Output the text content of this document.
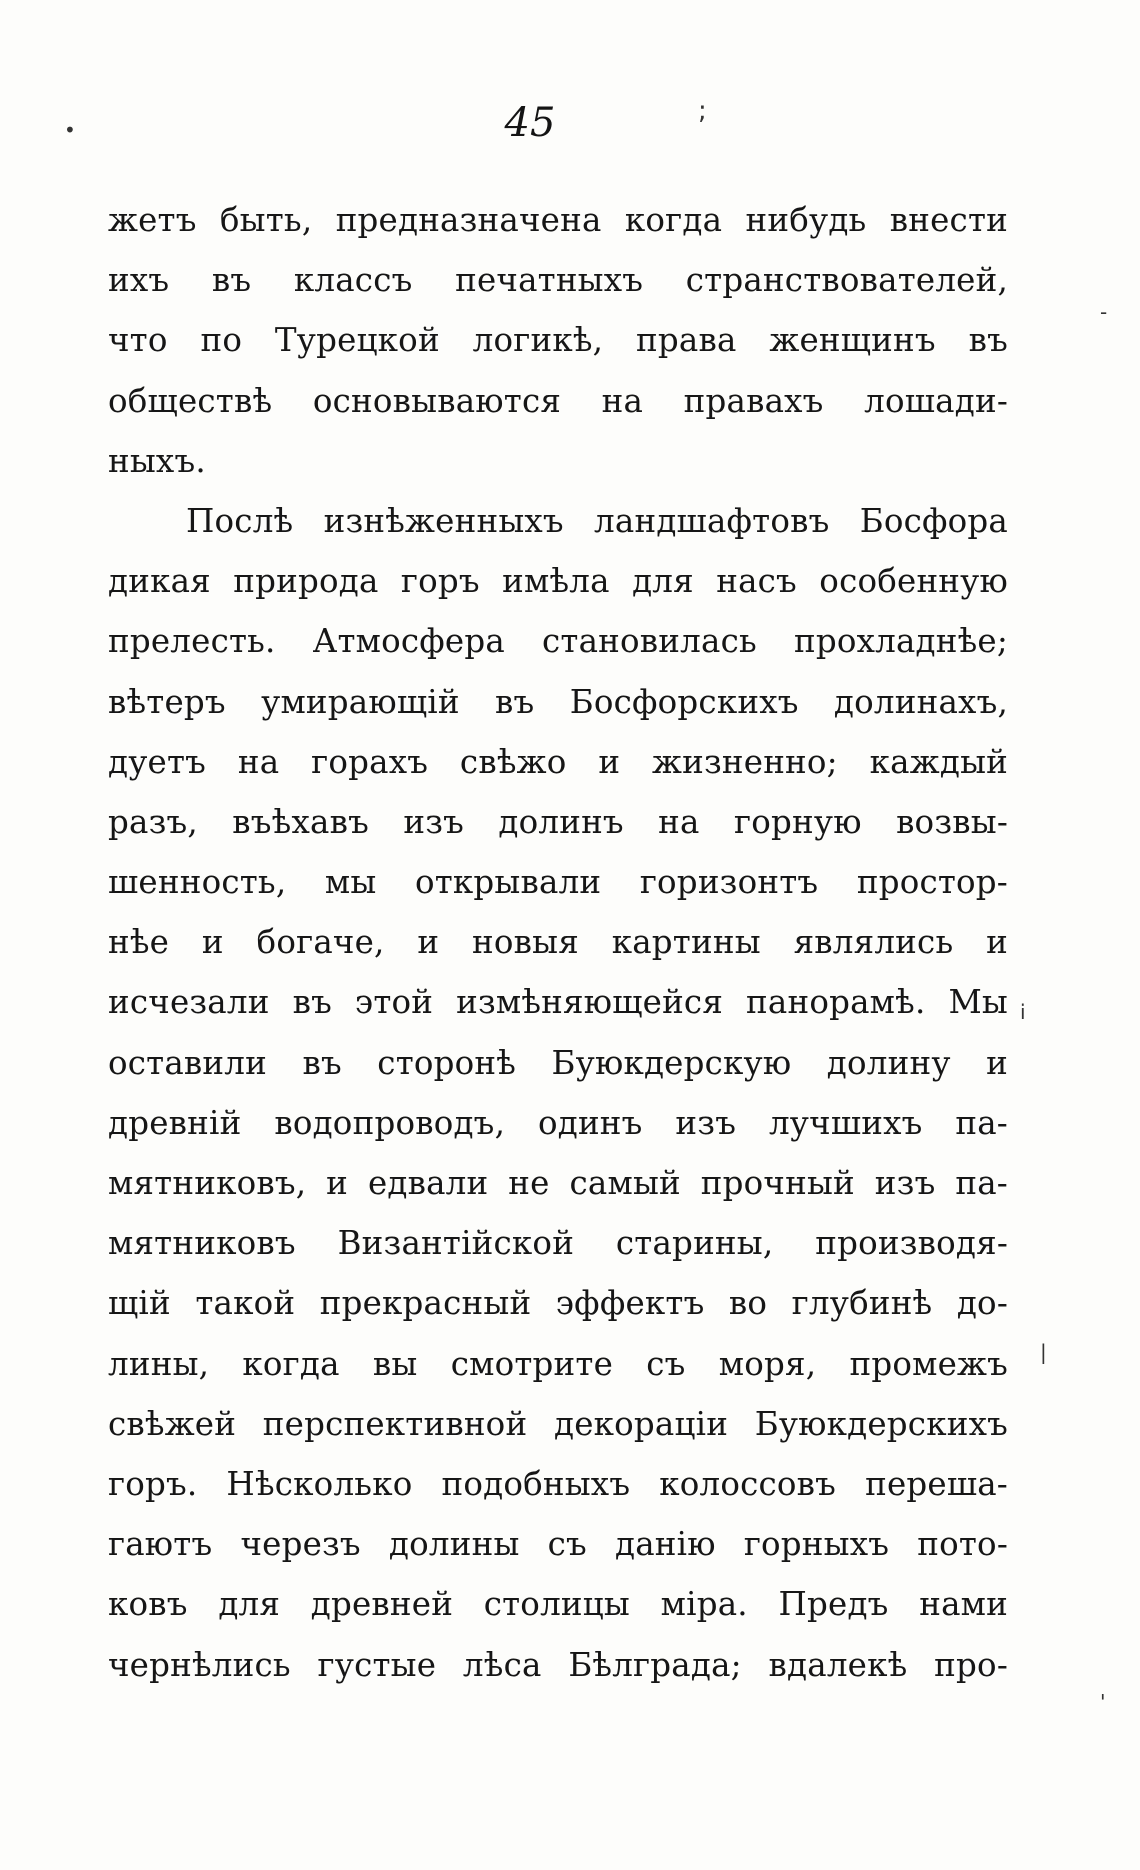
•
;
-
i
|
'
45
жетъ быть, предназначена когда нибудь внести
ихъ въ классъ печатныхъ странствователей,
что по Турецкой логикѣ, права женщинъ въ
обществѣ основываются на правахъ лошади-
ныхъ.
Послѣ изнѣженныхъ ландшафтовъ Босфора
дикая природа горъ имѣла для насъ особенную
прелесть. Атмосфера становилась прохладнѣе;
вѣтеръ умирающій въ Босфорскихъ долинахъ,
дуетъ на горахъ свѣжо и жизненно; каждый
разъ, въѣхавъ изъ долинъ на горную возвы-
шенность, мы открывали горизонтъ простор-
нѣе и богаче, и новыя картины являлись и
исчезали въ этой измѣняющейся панорамѣ. Мы
оставили въ сторонѣ Буюкдерскую долину и
древній водопроводъ, одинъ изъ лучшихъ па-
мятниковъ, и едвали не самый прочный изъ па-
мятниковъ Византійской старины, производя-
щій такой прекрасный эффектъ во глубинѣ до-
лины, когда вы смотрите съ моря, промежъ
свѣжей перспективной декораціи Буюкдерскихъ
горъ. Нѣсколько подобныхъ колоссовъ переша-
гаютъ черезъ долины съ данію горныхъ пото-
ковъ для древней столицы міра. Предъ нами
чернѣлись густые лѣса Бѣлграда; вдалекѣ про-
